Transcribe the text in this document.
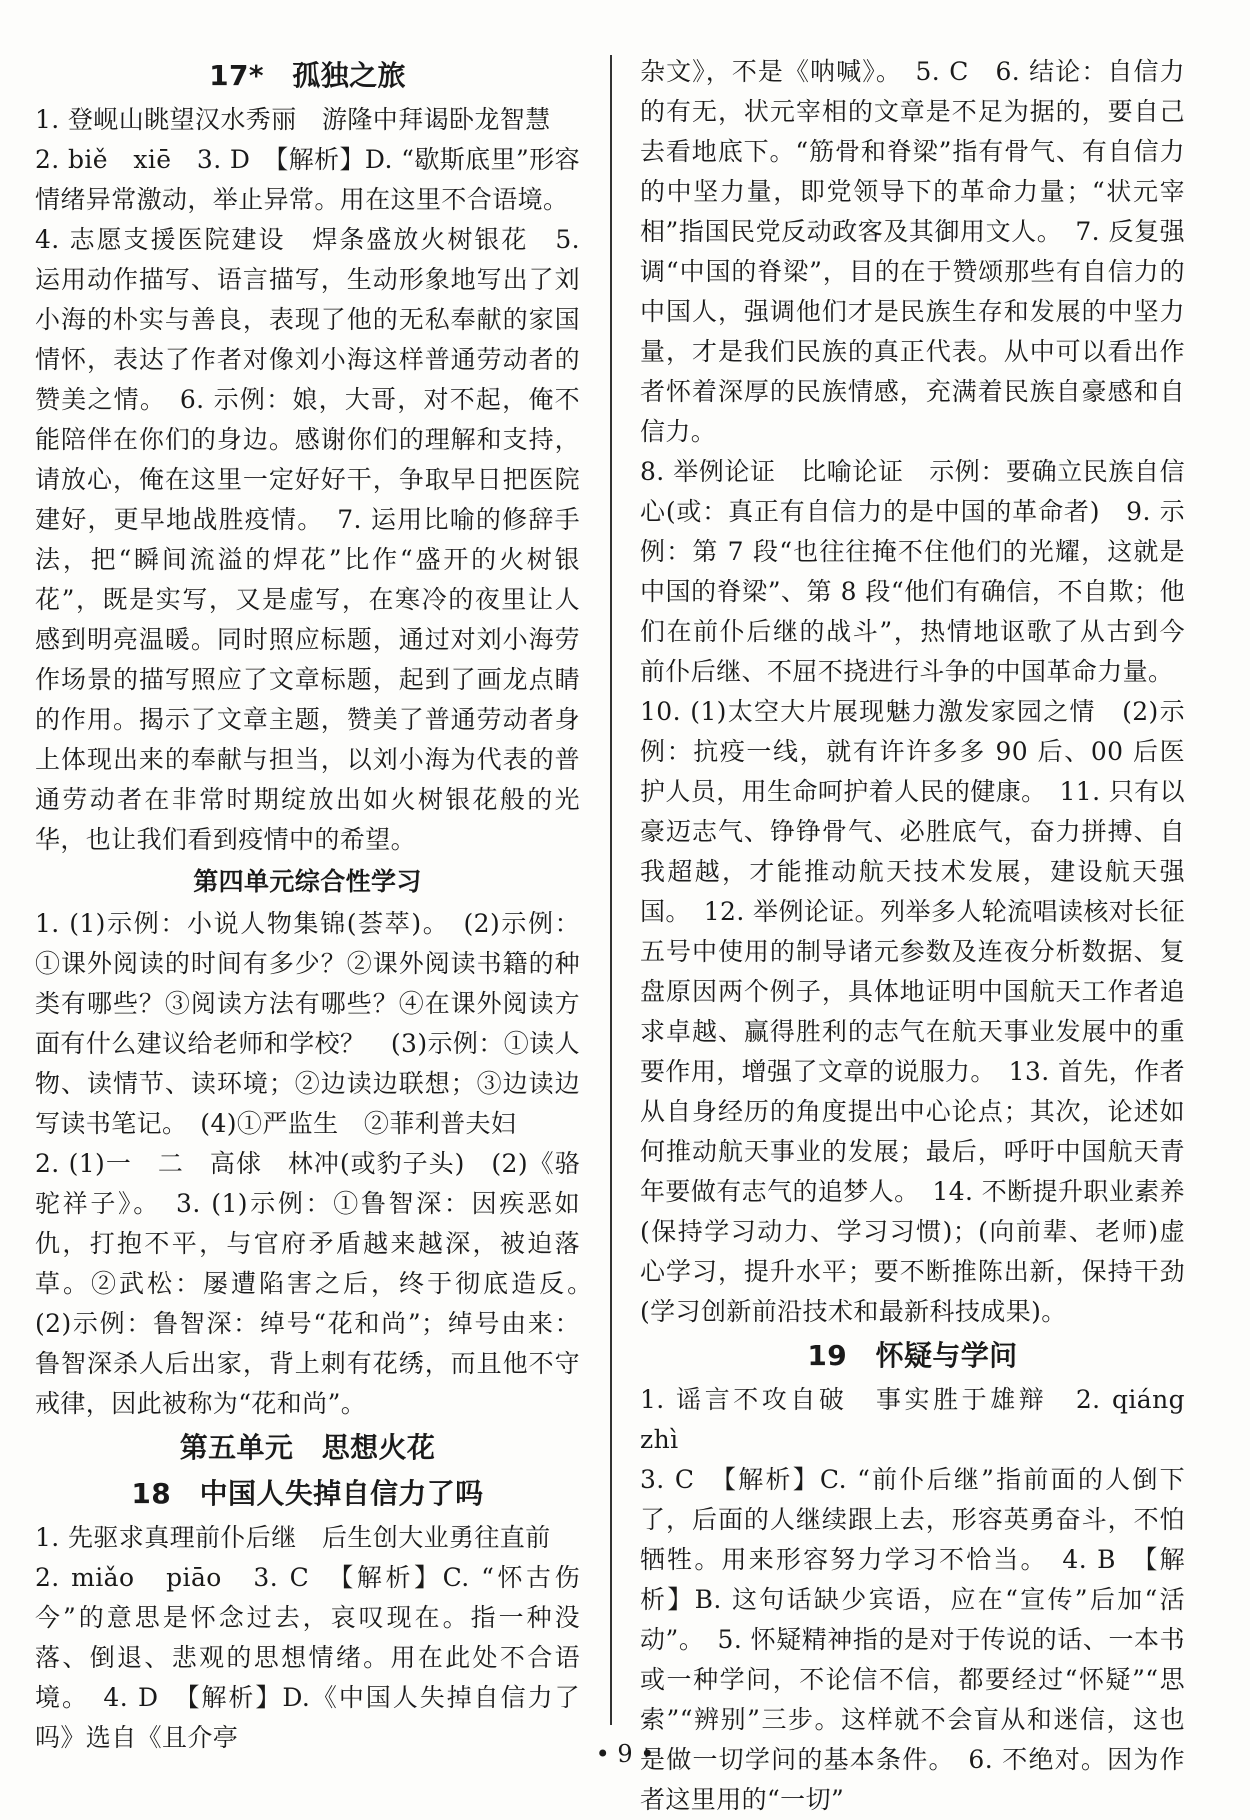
17*　孤独之旅

1. 登岘山眺望汉水秀丽　游隆中拜谒卧龙智慧

2. biě　xiē　3. D　【解析】D. “歇斯底里”形容情绪异常激动，举止异常。用在这里不合语境。

4. 志愿支援医院建设　焊条盛放火树银花　5. 运用动作描写、语言描写，生动形象地写出了刘小海的朴实与善良，表现了他的无私奉献的家国情怀，表达了作者对像刘小海这样普通劳动者的赞美之情。　6. 示例：娘，大哥，对不起，俺不能陪伴在你们的身边。感谢你们的理解和支持，请放心，俺在这里一定好好干，争取早日把医院建好，更早地战胜疫情。　7. 运用比喻的修辞手法，把“瞬间流溢的焊花”比作“盛开的火树银花”，既是实写，又是虚写，在寒冷的夜里让人感到明亮温暖。同时照应标题，通过对刘小海劳作场景的描写照应了文章标题，起到了画龙点睛的作用。揭示了文章主题，赞美了普通劳动者身上体现出来的奉献与担当，以刘小海为代表的普通劳动者在非常时期绽放出如火树银花般的光华，也让我们看到疫情中的希望。

第四单元综合性学习

1. (1)示例：小说人物集锦(荟萃)。　(2)示例：①课外阅读的时间有多少？②课外阅读书籍的种类有哪些？③阅读方法有哪些？④在课外阅读方面有什么建议给老师和学校？　(3)示例：①读人物、读情节、读环境；②边读边联想；③边读边写读书笔记。　(4)①严监生　②菲利普夫妇

2. (1)一　二　高俅　林冲(或豹子头)　(2)《骆驼祥子》。　3. (1)示例：①鲁智深：因疾恶如仇，打抱不平，与官府矛盾越来越深，被迫落草。②武松：屡遭陷害之后，终于彻底造反。　(2)示例：鲁智深：绰号“花和尚”；绰号由来：鲁智深杀人后出家，背上刺有花绣，而且他不守戒律，因此被称为“花和尚”。

第五单元　思想火花
18　中国人失掉自信力了吗

1. 先驱求真理前仆后继　后生创大业勇往直前

2. miǎo　piāo　3. C　【解析】C. “怀古伤今”的意思是怀念过去，哀叹现在。指一种没落、倒退、悲观的思想情绪。用在此处不合语境。　4. D　【解析】D.《中国人失掉自信力了吗》选自《且介亭

杂文》，不是《呐喊》。　5. C　6. 结论：自信力的有无，状元宰相的文章是不足为据的，要自己去看地底下。“筋骨和脊梁”指有骨气、有自信力的中坚力量，即党领导下的革命力量；“状元宰相”指国民党反动政客及其御用文人。　7. 反复强调“中国的脊梁”，目的在于赞颂那些有自信力的中国人，强调他们才是民族生存和发展的中坚力量，才是我们民族的真正代表。从中可以看出作者怀着深厚的民族情感，充满着民族自豪感和自信力。

8. 举例论证　比喻论证　示例：要确立民族自信心(或：真正有自信力的是中国的革命者)　9. 示例：第 7 段“也往往掩不住他们的光耀，这就是中国的脊梁”、第 8 段“他们有确信，不自欺；他们在前仆后继的战斗”，热情地讴歌了从古到今前仆后继、不屈不挠进行斗争的中国革命力量。

10. (1)太空大片展现魅力激发家园之情　(2)示例：抗疫一线，就有许许多多 90 后、00 后医护人员，用生命呵护着人民的健康。　11. 只有以豪迈志气、铮铮骨气、必胜底气，奋力拼搏、自我超越，才能推动航天技术发展，建设航天强国。　12. 举例论证。列举多人轮流唱读核对长征五号中使用的制导诸元参数及连夜分析数据、复盘原因两个例子，具体地证明中国航天工作者追求卓越、赢得胜利的志气在航天事业发展中的重要作用，增强了文章的说服力。　13. 首先，作者从自身经历的角度提出中心论点；其次，论述如何推动航天事业的发展；最后，呼吁中国航天青年要做有志气的追梦人。　14. 不断提升职业素养(保持学习动力、学习习惯)；(向前辈、老师)虚心学习，提升水平；要不断推陈出新，保持干劲(学习创新前沿技术和最新科技成果)。

19　怀疑与学问

1. 谣言不攻自破　事实胜于雄辩　2. qiáng　zhì

3. C　【解析】C. “前仆后继”指前面的人倒下了，后面的人继续跟上去，形容英勇奋斗，不怕牺牲。用来形容努力学习不恰当。　4. B　【解析】B. 这句话缺少宾语，应在“宣传”后加“活动”。　5. 怀疑精神指的是对于传说的话、一本书或一种学问，不论信不信，都要经过“怀疑”“思索”“辨别”三步。这样就不会盲从和迷信，这也是做一切学问的基本条件。　6. 不绝对。因为作者这里用的“一切”

• 9 •
